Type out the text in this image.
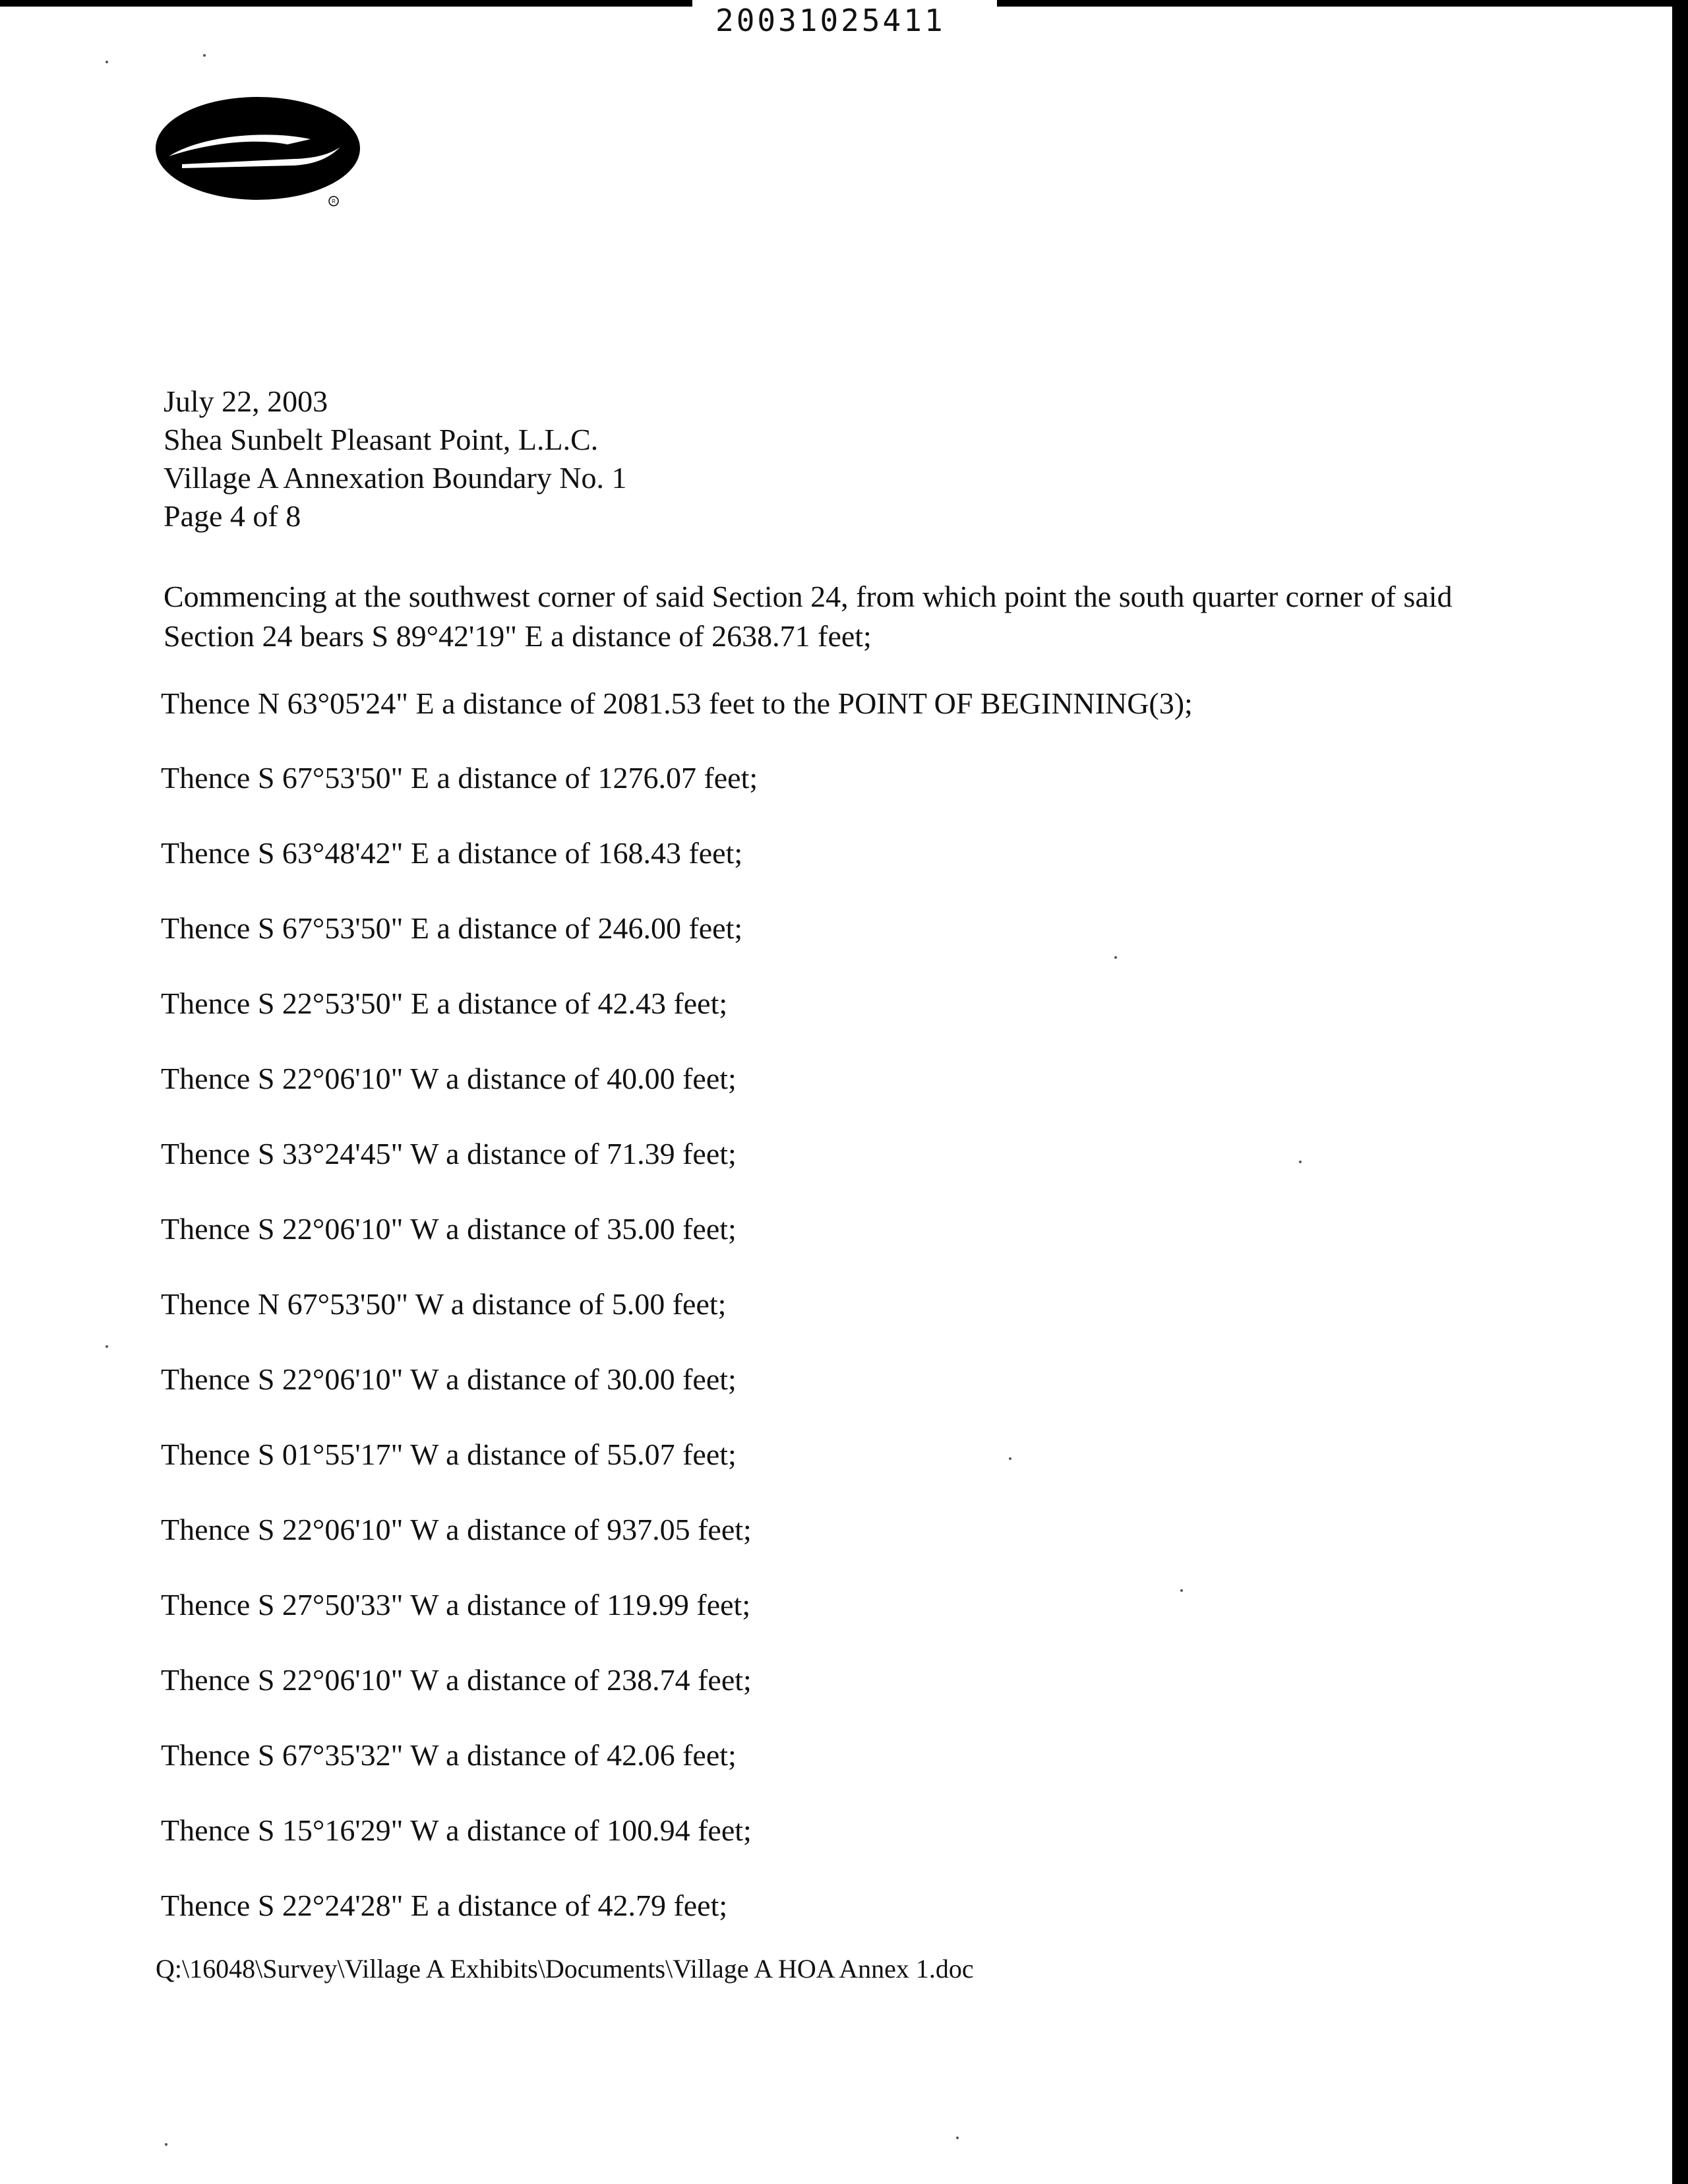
20031025411
R
July 22, 2003
Shea Sunbelt Pleasant Point, L.L.C.
Village A Annexation Boundary No. 1
Page 4 of 8

Commencing at the southwest corner of said Section 24, from which point the south quarter corner of said Section 24 bears S 89°42'19" E a distance of 2638.71 feet;

Thence N 63°05'24" E a distance of 2081.53 feet to the POINT OF BEGINNING(3);
Thence S 67°53'50" E a distance of 1276.07 feet;
Thence S 63°48'42" E a distance of 168.43 feet;
Thence S 67°53'50" E a distance of 246.00 feet;
Thence S 22°53'50" E a distance of 42.43 feet;
Thence S 22°06'10" W a distance of 40.00 feet;
Thence S 33°24'45" W a distance of 71.39 feet;
Thence S 22°06'10" W a distance of 35.00 feet;
Thence N 67°53'50" W a distance of 5.00 feet;
Thence S 22°06'10" W a distance of 30.00 feet;
Thence S 01°55'17" W a distance of 55.07 feet;
Thence S 22°06'10" W a distance of 937.05 feet;
Thence S 27°50'33" W a distance of 119.99 feet;
Thence S 22°06'10" W a distance of 238.74 feet;
Thence S 67°35'32" W a distance of 42.06 feet;
Thence S 15°16'29" W a distance of 100.94 feet;
Thence S 22°24'28" E a distance of 42.79 feet;
Q:\16048\Survey\Village A Exhibits\Documents\Village A HOA Annex 1.doc
